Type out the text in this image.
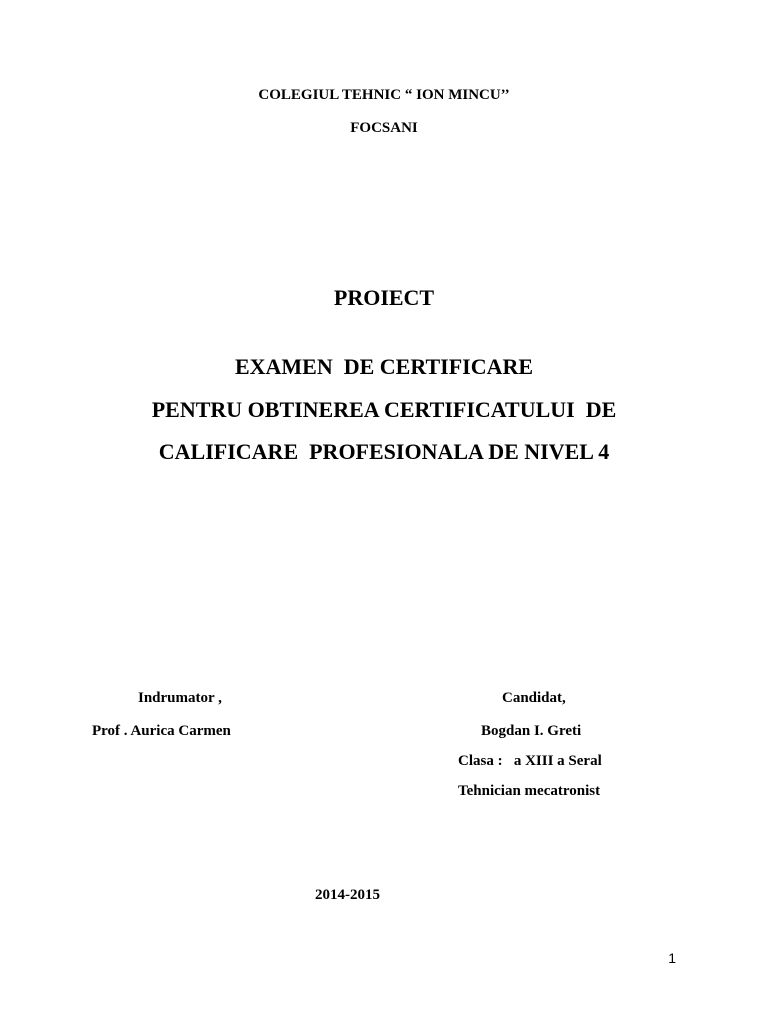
COLEGIUL TEHNIC “ ION MINCU’’
FOCSANI
PROIECT
EXAMEN  DE CERTIFICARE
PENTRU OBTINEREA CERTIFICATULUI  DE
CALIFICARE  PROFESIONALA DE NIVEL 4
Indrumator ,
Prof . Aurica Carmen
Candidat,
Bogdan I. Greti
Clasa :   a XIII a Seral
Tehnician mecatronist
2014-2015
1
